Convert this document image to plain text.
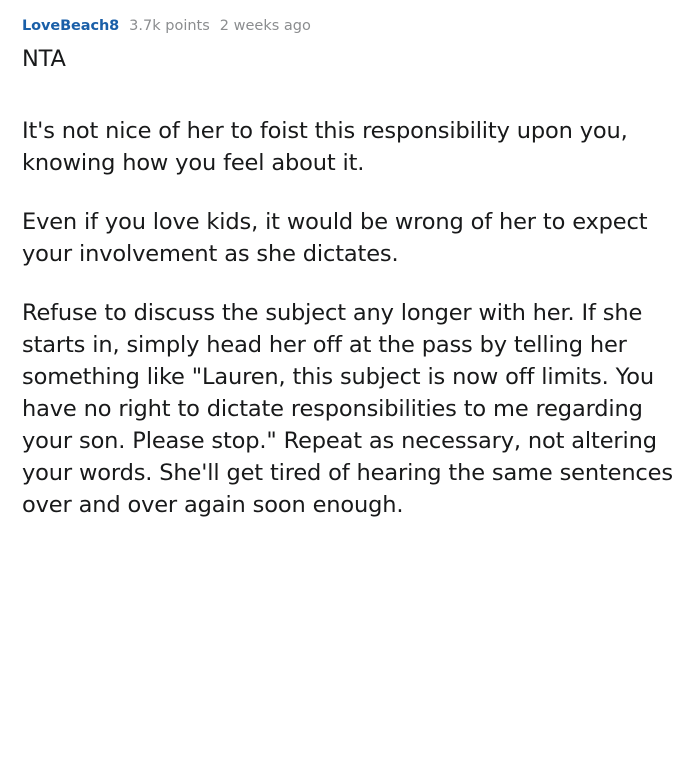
LoveBeach8 3.7k points 2 weeks ago

NTA

It's not nice of her to foist this responsibility upon you, knowing how you feel about it.

Even if you love kids, it would be wrong of her to expect your involvement as she dictates.

Refuse to discuss the subject any longer with her. If she starts in, simply head her off at the pass by telling her something like "Lauren, this subject is now off limits. You have no right to dictate responsibilities to me regarding your son. Please stop." Repeat as necessary, not altering your words. She'll get tired of hearing the same sentences over and over again soon enough.
